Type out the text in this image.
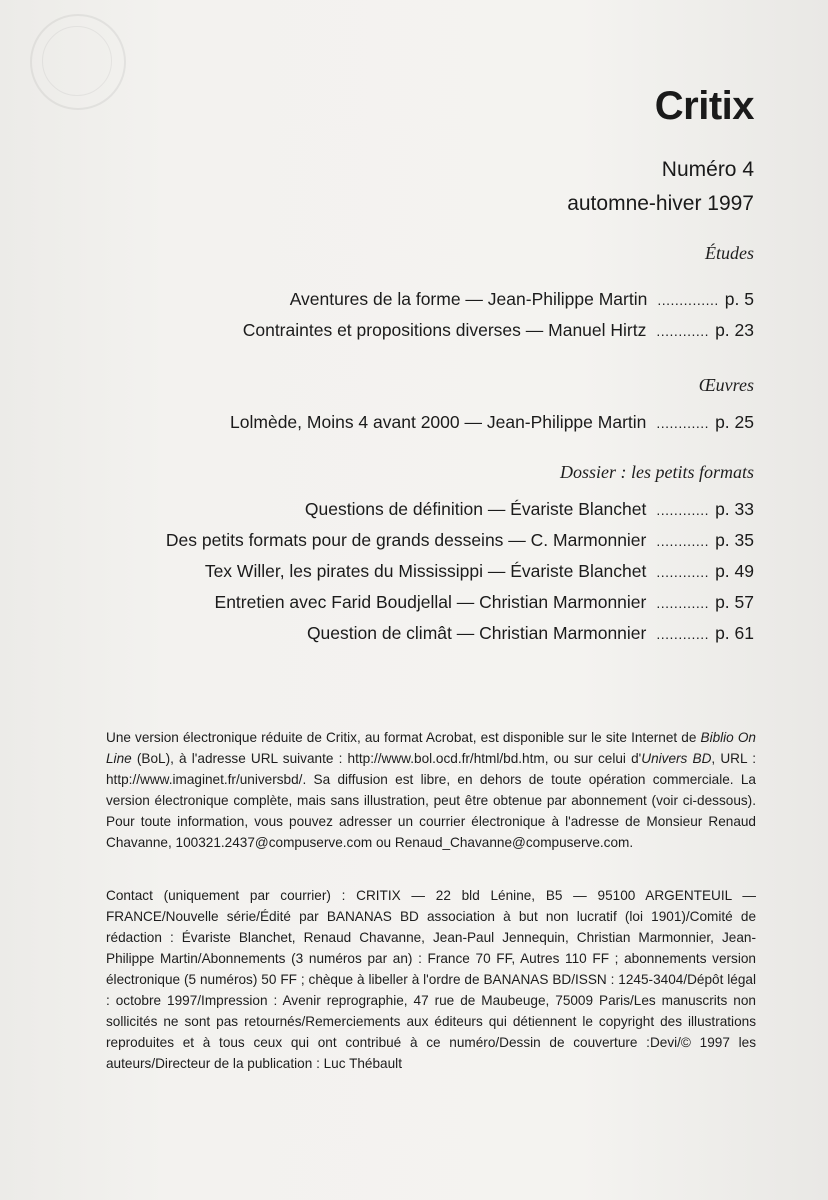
Critix
Numéro 4
automne-hiver 1997
Études
Aventures de la forme — Jean-Philippe Martin .............. p. 5
Contraintes et propositions diverses — Manuel Hirtz ............ p. 23
Œuvres
Lolmède, Moins 4 avant 2000 — Jean-Philippe Martin ............ p. 25
Dossier : les petits formats
Questions de définition — Évariste Blanchet ............ p. 33
Des petits formats pour de grands desseins — C. Marmonnier ............ p. 35
Tex Willer, les pirates du Mississippi — Évariste Blanchet ............ p. 49
Entretien avec Farid Boudjellal — Christian Marmonnier ............ p. 57
Question de climât — Christian Marmonnier ............ p. 61

Une version électronique réduite de Critix, au format Acrobat, est disponible sur le site Internet de Biblio On Line (BoL), à l'adresse URL suivante : http://www.bol.ocd.fr/html/bd.htm, ou sur celui d'Univers BD, URL : http://www.imaginet.fr/universbd/. Sa diffusion est libre, en dehors de toute opération commerciale. La version électronique complète, mais sans illustration, peut être obtenue par abonnement (voir ci-dessous). Pour toute information, vous pouvez adresser un courrier électronique à l'adresse de Monsieur Renaud Chavanne, 100321.2437@compuserve.com ou Renaud_Chavanne@compuserve.com.

Contact (uniquement par courrier) : CRITIX — 22 bld Lénine, B5 — 95100 ARGENTEUIL — FRANCE/Nouvelle série/Édité par BANANAS BD association à but non lucratif (loi 1901)/Comité de rédaction : Évariste Blanchet, Renaud Chavanne, Jean-Paul Jennequin, Christian Marmonnier, Jean-Philippe Martin/Abonnements (3 numéros par an) : France 70 FF, Autres 110 FF ; abonnements version électronique (5 numéros) 50 FF ; chèque à libeller à l'ordre de BANANAS BD/ISSN : 1245-3404/Dépôt légal : octobre 1997/Impression : Avenir reprographie, 47 rue de Maubeuge, 75009 Paris/Les manuscrits non sollicités ne sont pas retournés/Remerciements aux éditeurs qui détiennent le copyright des illustrations reproduites et à tous ceux qui ont contribué à ce numéro/Dessin de couverture :Devi/© 1997 les auteurs/Directeur de la publication : Luc Thébault
